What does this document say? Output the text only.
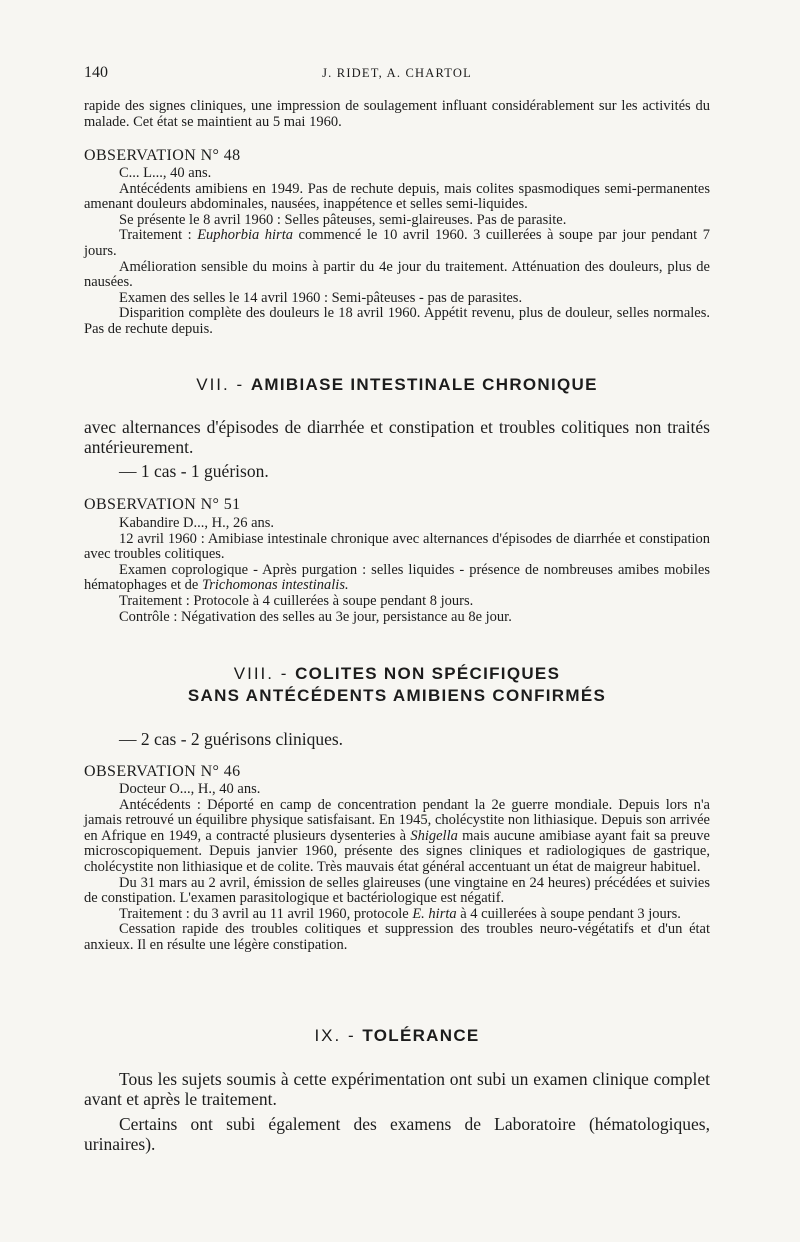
140	J. RIDET, A. CHARTOL

rapide des signes cliniques, une impression de soulagement influant considérablement sur les activités du malade. Cet état se maintient au 5 mai 1960.

OBSERVATION N° 48

C... L..., 40 ans.

Antécédents amibiens en 1949. Pas de rechute depuis, mais colites spasmodiques semi-permanentes amenant douleurs abdominales, nausées, inappétence et selles semi-liquides.

Se présente le 8 avril 1960 : Selles pâteuses, semi-glaireuses. Pas de parasite.

Traitement : Euphorbia hirta commencé le 10 avril 1960. 3 cuillerées à soupe par jour pendant 7 jours.

Amélioration sensible du moins à partir du 4e jour du traitement. Atténuation des douleurs, plus de nausées.

Examen des selles le 14 avril 1960 : Semi-pâteuses - pas de parasites.

Disparition complète des douleurs le 18 avril 1960. Appétit revenu, plus de douleur, selles normales. Pas de rechute depuis.

VII. - AMIBIASE INTESTINALE CHRONIQUE

avec alternances d'épisodes de diarrhée et constipation et troubles colitiques non traités antérieurement.

— 1 cas - 1 guérison.

OBSERVATION N° 51

Kabandire D..., H., 26 ans.

12 avril 1960 : Amibiase intestinale chronique avec alternances d'épisodes de diarrhée et constipation avec troubles colitiques.

Examen coprologique - Après purgation : selles liquides - présence de nombreuses amibes mobiles hématophages et de Trichomonas intestinalis.

Traitement : Protocole à 4 cuillerées à soupe pendant 8 jours.

Contrôle : Négativation des selles au 3e jour, persistance au 8e jour.

VIII. - COLITES NON SPÉCIFIQUES
SANS ANTÉCÉDENTS AMIBIENS CONFIRMÉS

— 2 cas - 2 guérisons cliniques.

OBSERVATION N° 46

Docteur O..., H., 40 ans.

Antécédents : Déporté en camp de concentration pendant la 2e guerre mondiale. Depuis lors n'a jamais retrouvé un équilibre physique satisfaisant. En 1945, cholécystite non lithiasique. Depuis son arrivée en Afrique en 1949, a contracté plusieurs dysenteries à Shigella mais aucune amibiase ayant fait sa preuve microscopiquement. Depuis janvier 1960, présente des signes cliniques et radiologiques de gastrique, cholécystite non lithiasique et de colite. Très mauvais état général accentuant un état de maigreur habituel.

Du 31 mars au 2 avril, émission de selles glaireuses (une vingtaine en 24 heures) précédées et suivies de constipation. L'examen parasitologique et bactériologique est négatif.

Traitement : du 3 avril au 11 avril 1960, protocole E. hirta à 4 cuillerées à soupe pendant 3 jours.

Cessation rapide des troubles colitiques et suppression des troubles neuro-végétatifs et d'un état anxieux. Il en résulte une légère constipation.

IX. - TOLÉRANCE

Tous les sujets soumis à cette expérimentation ont subi un examen clinique complet avant et après le traitement.

Certains ont subi également des examens de Laboratoire (hématologiques, urinaires).
